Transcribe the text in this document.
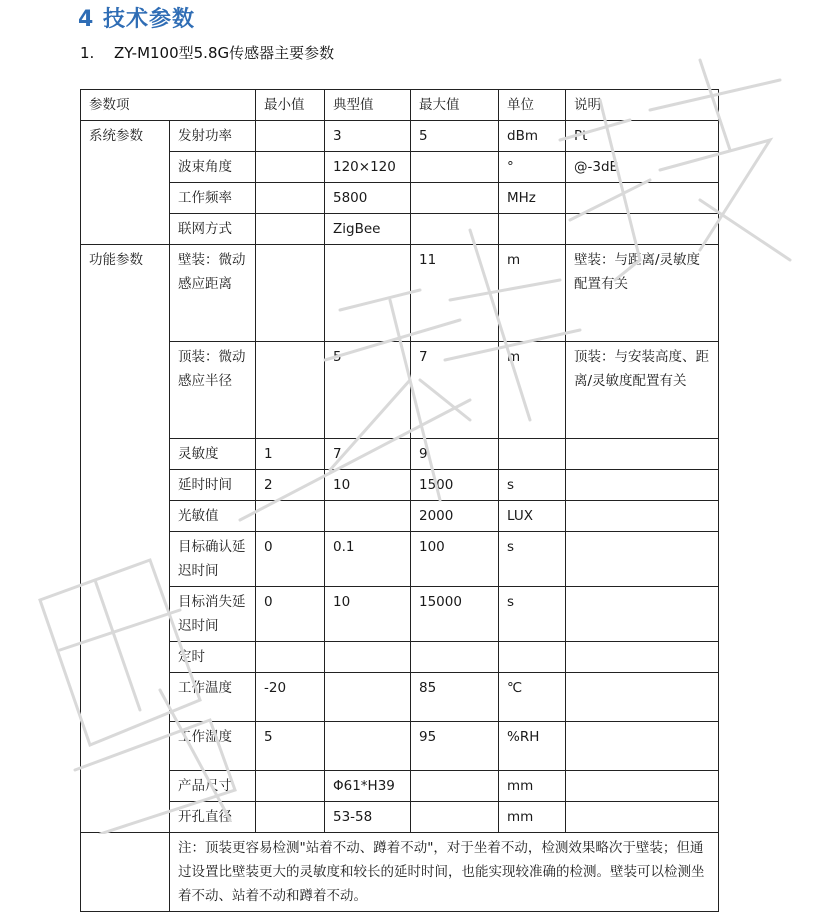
4 技术参数
1. ZY-M100型5.8G传感器主要参数
参数项		最小值	典型值	最大值	单位	说明
系统参数	发射功率		3	5	dBm	Pt
	波束角度		120×120		°	@-3dB
	工作频率		5800		MHz	
	联网方式		ZigBee			
功能参数	壁装：微动感应距离			11	m	壁装：与距离/灵敏度配置有关
	顶装：微动感应半径		5	7	m	顶装：与安装高度、距离/灵敏度配置有关
	灵敏度	1	7	9		
	延时时间	2	10	1500	s	
	光敏值			2000	LUX	
	目标确认延迟时间	0	0.1	100	s	
	目标消失延迟时间	0	10	15000	s	
	定时					
	工作温度	-20		85	℃	
	工作湿度	5		95	%RH	
	产品尺寸		Φ61*H39		mm	
	开孔直径		53-58		mm	
	注：顶装更容易检测"站着不动、蹲着不动"，对于坐着不动，检测效果略次于壁装；但通过设置比壁装更大的灵敏度和较长的延时时间，也能实现较准确的检测。壁装可以检测坐着不动、站着不动和蹲着不动。					
